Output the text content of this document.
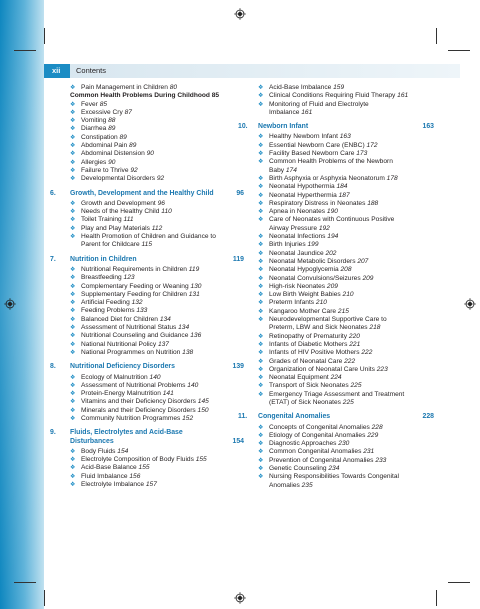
xii Contents
❖ Pain Management in Children 80
Common Health Problems During Childhood 85
❖ Fever 85
❖ Excessive Cry 87
❖ Vomiting 88
❖ Diarrhea 89
❖ Constipation 89
❖ Abdominal Pain 89
❖ Abdominal Distension 90
❖ Allergies 90
❖ Failure to Thrive 92
❖ Developmental Disorders 92
6. Growth, Development and the Healthy Child	96
❖ Growth and Development 96
❖ Needs of the Healthy Child 110
❖ Toilet Training 111
❖ Play and Play Materials 112
❖ Health Promotion of Children and Guidance to
Parent for Childcare 115
7. Nutrition in Children	119
❖ Nutritional Requirements in Children 119
❖ Breastfeeding 123
❖ Complementary Feeding or Weaning 130
❖ Supplementary Feeding for Children 131
❖ Artificial Feeding 132
❖ Feeding Problems 133
❖ Balanced Diet for Children 134
❖ Assessment of Nutritional Status 134
❖ Nutritional Counseling and Guidance 136
❖ National Nutritional Policy 137
❖ National Programmes on Nutrition 138
8. Nutritional Deficiency Disorders	139
❖ Ecology of Malnutrition 140
❖ Assessment of Nutritional Problems 140
❖ Protein-Energy Malnutrition 141
❖ Vitamins and their Deficiency Disorders 145
❖ Minerals and their Deficiency Disorders 150
❖ Community Nutrition Programmes 152
9.	Fluids, Electrolytes and Acid-Base
Disturbances	154
❖ Body Fluids 154
❖ Electrolyte Composition of Body Fluids 155
❖ Acid-Base Balance 155
❖ Fluid Imbalance 156
❖ Electrolyte Imbalance 157
❖ Acid-Base Imbalance 159
❖ Clinical Conditions Requiring Fluid Therapy 161
❖ Monitoring of Fluid and Electrolyte
Imbalance 161
10. Newborn Infant	163
❖ Healthy Newborn Infant 163
❖ Essential Newborn Care (ENBC) 172
❖ Facility Based Newborn Care 173
❖ Common Health Problems of the Newborn
Baby 174
❖ Birth Asphyxia or Asphyxia Neonatorum 178
❖ Neonatal Hypothermia 184
❖ Neonatal Hyperthermia 187
❖ Respiratory Distress in Neonates 188
❖ Apnea in Neonates 190
❖ Care of Neonates with Continuous Positive
Airway Pressure 192
❖ Neonatal Infections 194
❖ Birth Injuries 199
❖ Neonatal Jaundice 202
❖ Neonatal Metabolic Disorders 207
❖ Neonatal Hypoglycemia 208
❖ Neonatal Convulsions/Seizures 209
❖ High-risk Neonates 209
❖ Low Birth Weight Babies 210
❖ Preterm Infants 210
❖ Kangaroo Mother Care 215
❖ Neurodevelopmental Supportive Care to
Preterm, LBW and Sick Neonates 218
❖ Retinopathy of Prematurity 220
❖ Infants of Diabetic Mothers 221
❖ Infants of HIV Positive Mothers 222
❖ Grades of Neonatal Care 222
❖ Organization of Neonatal Care Units 223
❖ Neonatal Equipment 224
❖ Transport of Sick Neonates 225
❖ Emergency Triage Assessment and Treatment
(ETAT) of Sick Neonates 225
11. Congenital Anomalies	228
❖ Concepts of Congenital Anomalies 228
❖ Etiology of Congenital Anomalies 229
❖ Diagnostic Approaches 230
❖ Common Congenital Anomalies 231
❖ Prevention of Congenital Anomalies 233
❖ Genetic Counseling 234
❖ Nursing Responsibilities Towards Congenital
Anomalies 235
